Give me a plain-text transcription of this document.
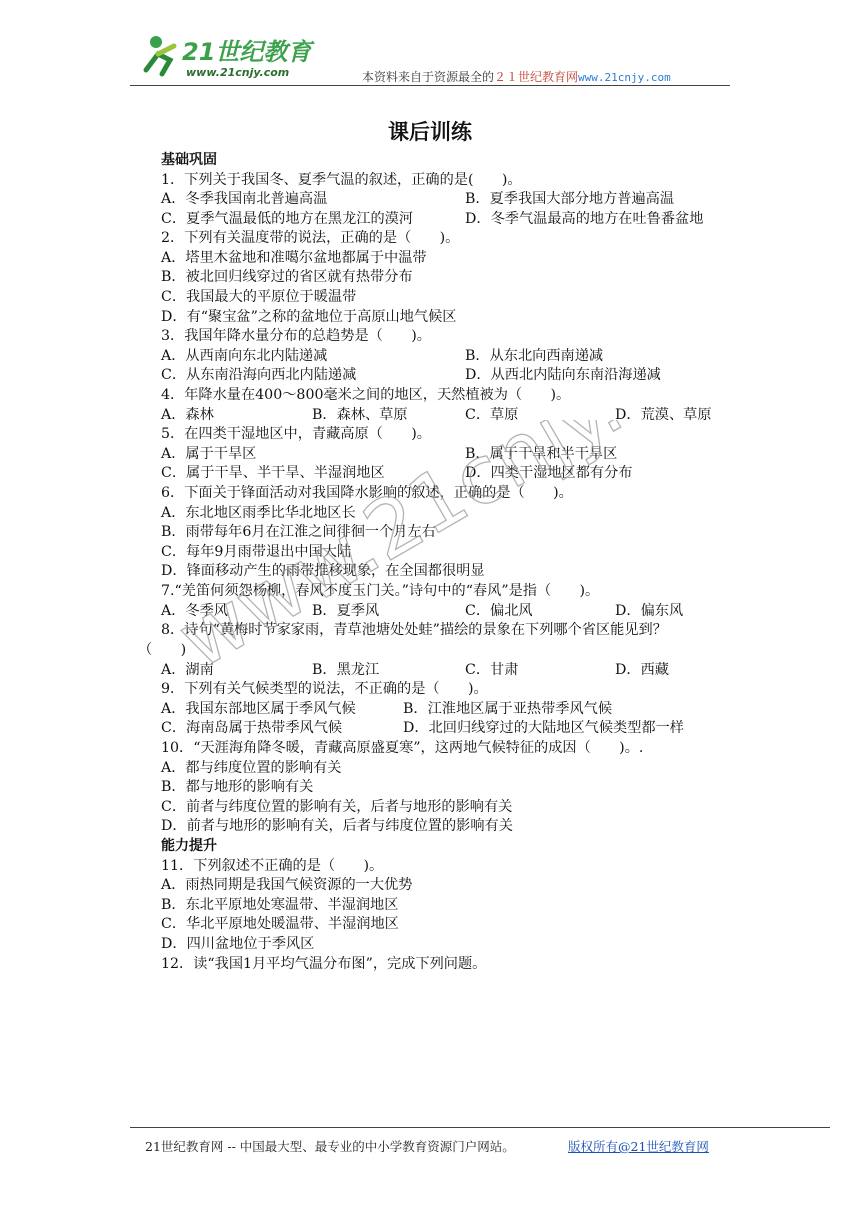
21世纪教育
www.21cnjy.com	本资料来自于资源最全的２１世纪教育网www.21cnjy.com
课后训练
基础巩固
1．下列关于我国冬、夏季气温的叙述，正确的是(　　)。
A．冬季我国南北普遍高温	B．夏季我国大部分地方普遍高温
C．夏季气温最低的地方在黑龙江的漠河	D．冬季气温最高的地方在吐鲁番盆地
2．下列有关温度带的说法，正确的是（　　)。
A．塔里木盆地和准噶尔盆地都属于中温带
B．被北回归线穿过的省区就有热带分布
C．我国最大的平原位于暖温带
D．有“聚宝盆”之称的盆地位于高原山地气候区
3．我国年降水量分布的总趋势是（　　)。
A．从西南向东北内陆递减	B．从东北向西南递减
C．从东南沿海向西北内陆递减	D．从西北内陆向东南沿海递减
4．年降水量在400～800毫米之间的地区，天然植被为（　　)。
A．森林	B．森林、草原	C．草原	D．荒漠、草原
5．在四类干湿地区中，青藏高原（　　)。
A．属于干旱区	B．属于干旱和半干旱区
C．属于干旱、半干旱、半湿润地区	D．四类干湿地区都有分布
6．下面关于锋面活动对我国降水影响的叙述，正确的是（　　)。
A．东北地区雨季比华北地区长
B．雨带每年6月在江淮之间徘徊一个月左右
C．每年9月雨带退出中国大陆
D．锋面移动产生的雨带推移现象，在全国都很明显
7.“羌笛何须怨杨柳，春风不度玉门关。”诗句中的“春风”是指（　　)。
A．冬季风	B．夏季风	C．偏北风	D．偏东风
8．诗句“黄梅时节家家雨，青草池塘处处蛙”描绘的景象在下列哪个省区能见到？
（　　)
A．湖南	B．黑龙江	C．甘肃	D．西藏
9．下列有关气候类型的说法，不正确的是（　　)。
A．我国东部地区属于季风气候	B．江淮地区属于亚热带季风气候
C．海南岛属于热带季风气候	D．北回归线穿过的大陆地区气候类型都一样
10．“天涯海角降冬暖，青藏高原盛夏寒”，这两地气候特征的成因（　　)。.
A．都与纬度位置的影响有关
B．都与地形的影响有关
C．前者与纬度位置的影响有关，后者与地形的影响有关
D．前者与地形的影响有关，后者与纬度位置的影响有关
能力提升
11．下列叙述不正确的是（　　)。
A．雨热同期是我国气候资源的一大优势
B．东北平原地处寒温带、半湿润地区
C．华北平原地处暖温带、半湿润地区
D．四川盆地位于季风区
12．读“我国1月平均气温分布图”，完成下列问题。
www.21cnjy.com
21世纪教育网 -- 中国最大型、最专业的中小学教育资源门户网站。	版权所有@21世纪教育网
